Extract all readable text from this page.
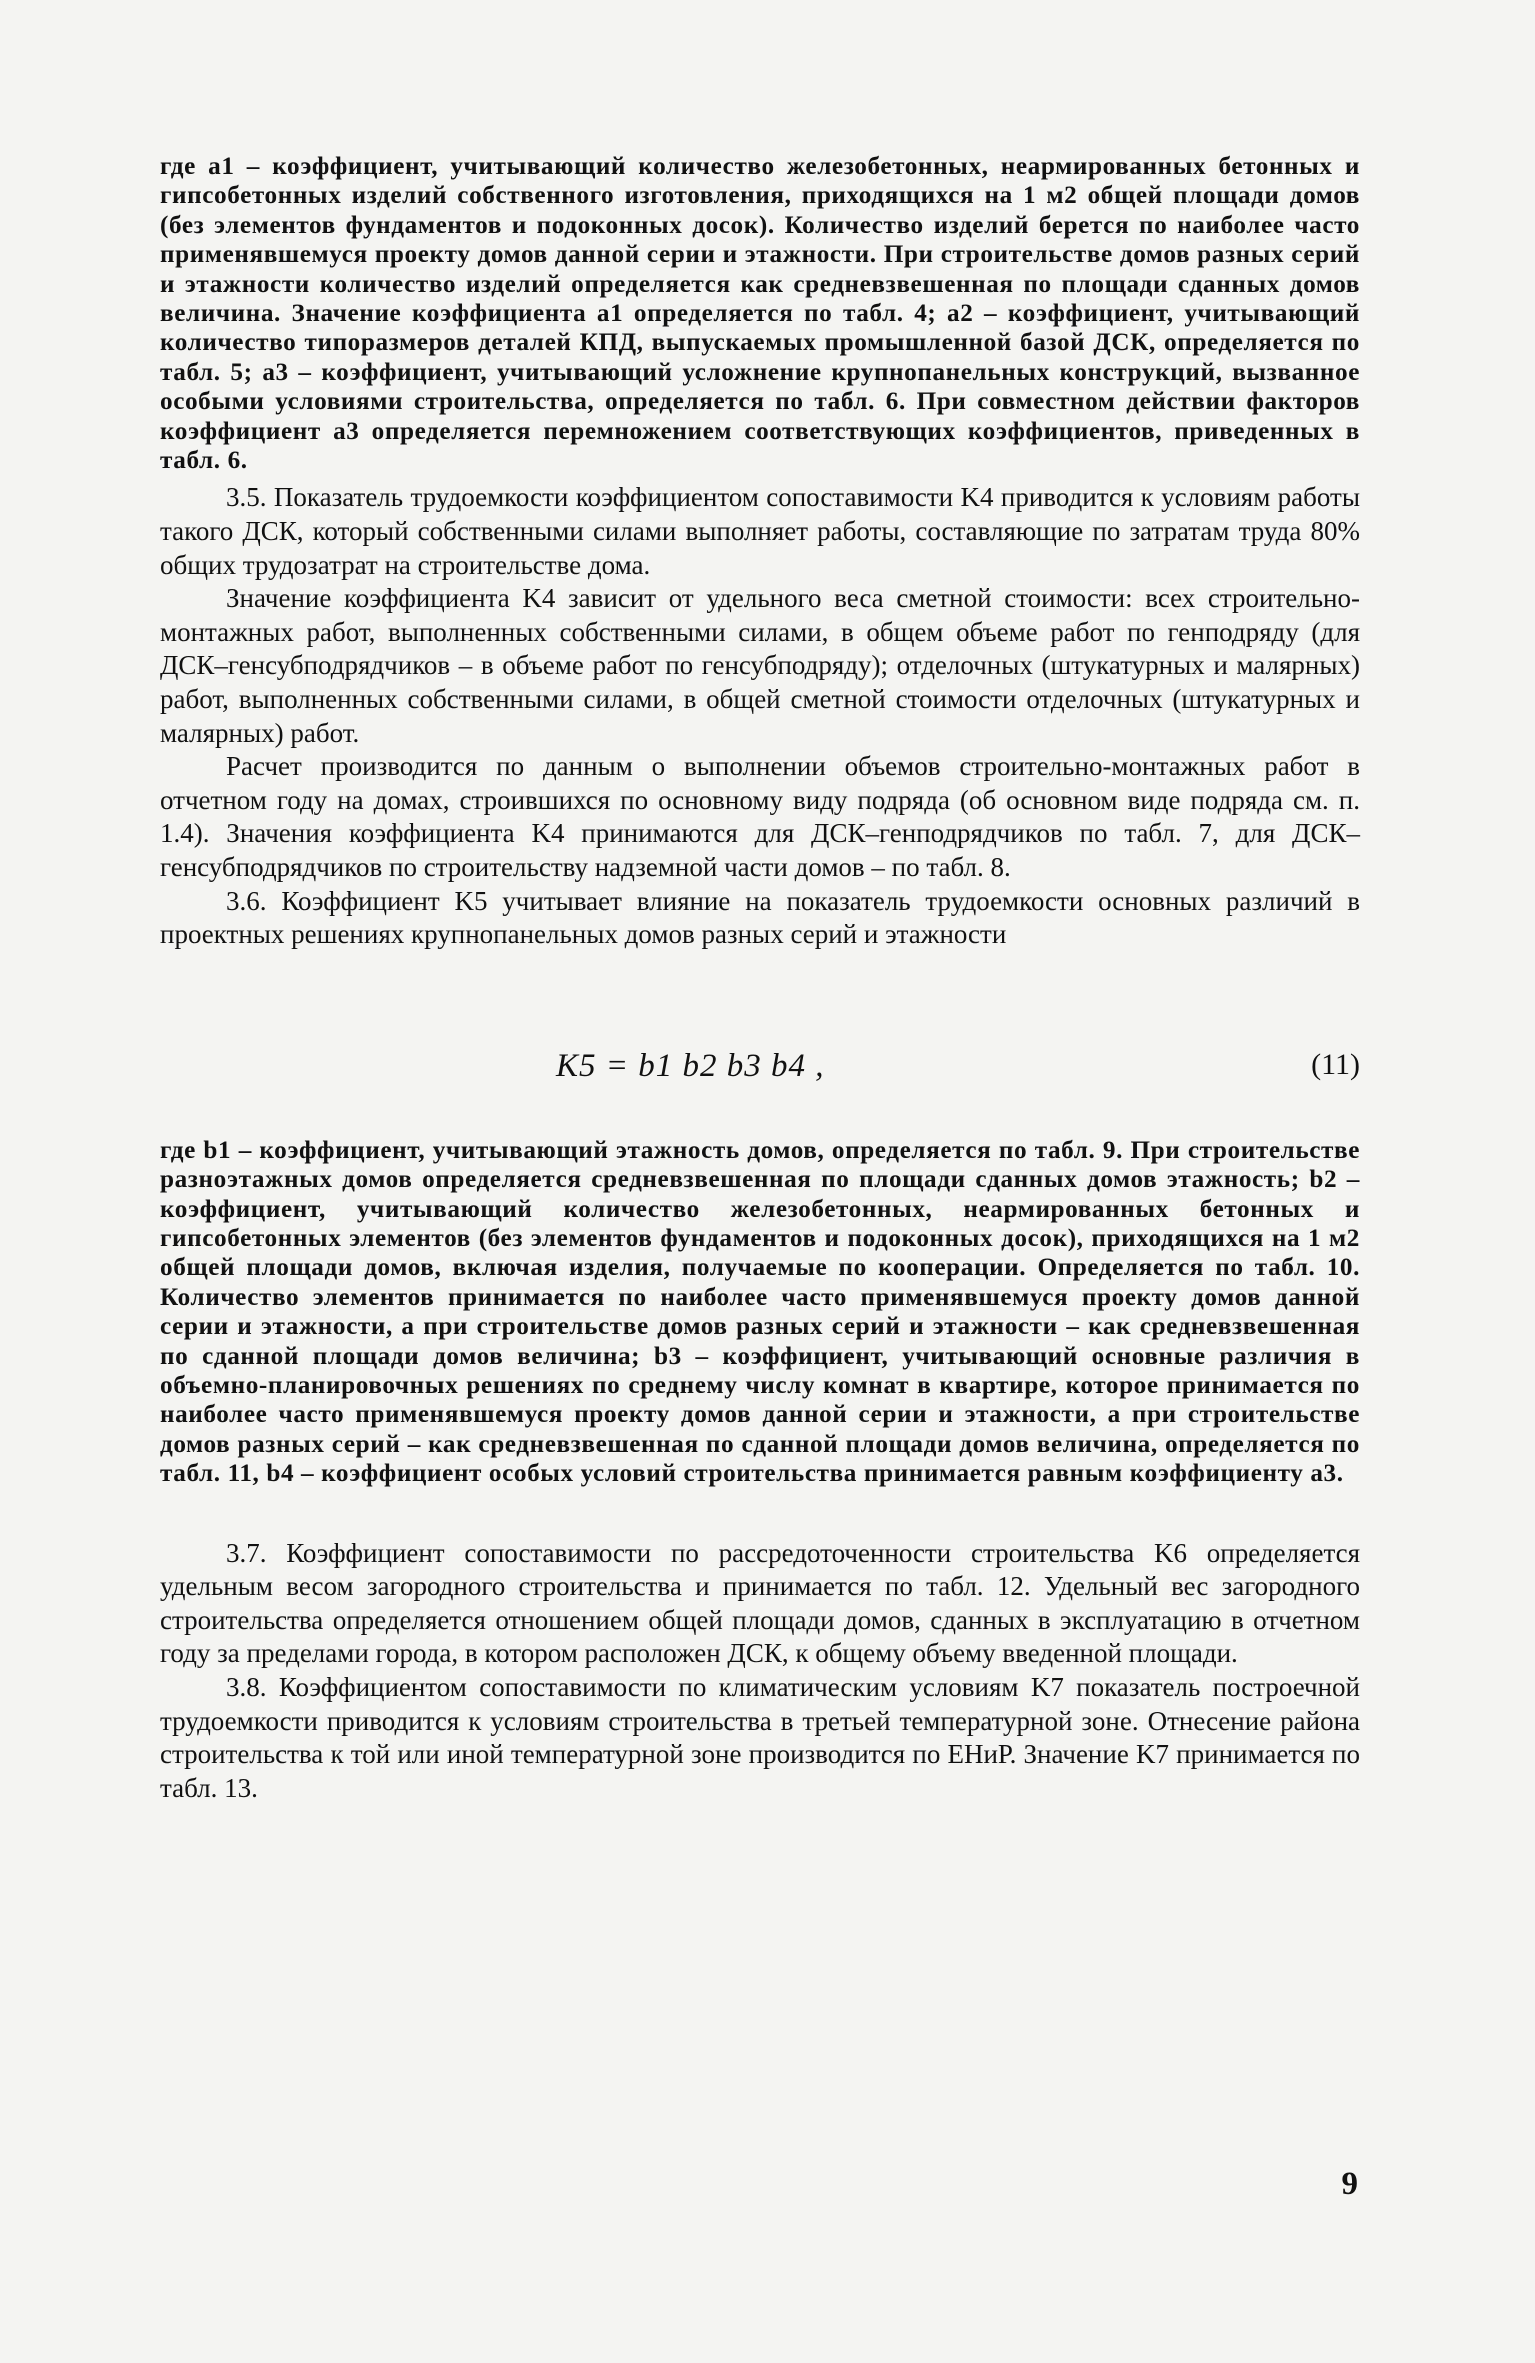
где a1 – коэффициент, учитывающий количество железобетонных, неармированных бетонных и гипсобетонных изделий собственного изготовления, приходящихся на 1 м2 общей площади домов (без элементов фундаментов и подоконных досок). Количество изделий берется по наиболее часто применявшемуся проекту домов данной серии и этажности. При строительстве домов разных серий и этажности количество изделий определяется как средневзвешенная по площади сданных домов величина. Значение коэффициента a1 определяется по табл. 4; a2 – коэффициент, учитывающий количество типоразмеров деталей КПД, выпускаемых промышленной базой ДСК, определяется по табл. 5; a3 – коэффициент, учитывающий усложнение крупнопанельных конструкций, вызванное особыми условиями строительства, определяется по табл. 6. При совместном действии факторов коэффициент a3 определяется перемножением соответствующих коэффициентов, приведенных в табл. 6.

3.5. Показатель трудоемкости коэффициентом сопоставимости K4 приводится к условиям работы такого ДСК, который собственными силами выполняет работы, составляющие по затратам труда 80% общих трудозатрат на строительстве дома.

Значение коэффициента K4 зависит от удельного веса сметной стоимости: всех строительно-монтажных работ, выполненных собственными силами, в общем объеме работ по генподряду (для ДСК–генсубподрядчиков – в объеме работ по генсубподряду); отделочных (штукатурных и малярных) работ, выполненных собственными силами, в общей сметной стоимости отделочных (штукатурных и малярных) работ.

Расчет производится по данным о выполнении объемов строительно-монтажных работ в отчетном году на домах, строившихся по основному виду подряда (об основном виде подряда см. п. 1.4). Значения коэффициента K4 принимаются для ДСК–генподрядчиков по табл. 7, для ДСК–генсубподрядчиков по строительству надземной части домов – по табл. 8.

3.6. Коэффициент K5 учитывает влияние на показатель трудоемкости основных различий в проектных решениях крупнопанельных домов разных серий и этажности

K5 = b1 b2 b3 b4 ,	(11)

где b1 – коэффициент, учитывающий этажность домов, определяется по табл. 9. При строительстве разноэтажных домов определяется средневзвешенная по площади сданных домов этажность; b2 – коэффициент, учитывающий количество железобетонных, неармированных бетонных и гипсобетонных элементов (без элементов фундаментов и подоконных досок), приходящихся на 1 м2 общей площади домов, включая изделия, получаемые по кооперации. Определяется по табл. 10. Количество элементов принимается по наиболее часто применявшемуся проекту домов данной серии и этажности, а при строительстве домов разных серий и этажности – как средневзвешенная по сданной площади домов величина; b3 – коэффициент, учитывающий основные различия в объемно-планировочных решениях по среднему числу комнат в квартире, которое принимается по наиболее часто применявшемуся проекту домов данной серии и этажности, а при строительстве домов разных серий – как средневзвешенная по сданной площади домов величина, определяется по табл. 11, b4 – коэффициент особых условий строительства принимается равным коэффициенту a3.

3.7. Коэффициент сопоставимости по рассредоточенности строительства K6 определяется удельным весом загородного строительства и принимается по табл. 12. Удельный вес загородного строительства определяется отношением общей площади домов, сданных в эксплуатацию в отчетном году за пределами города, в котором расположен ДСК, к общему объему введенной площади.

3.8. Коэффициентом сопоставимости по климатическим условиям K7 показатель построечной трудоемкости приводится к условиям строительства в третьей температурной зоне. Отнесение района строительства к той или иной температурной зоне производится по ЕНиР. Значение K7 принимается по табл. 13.

9
